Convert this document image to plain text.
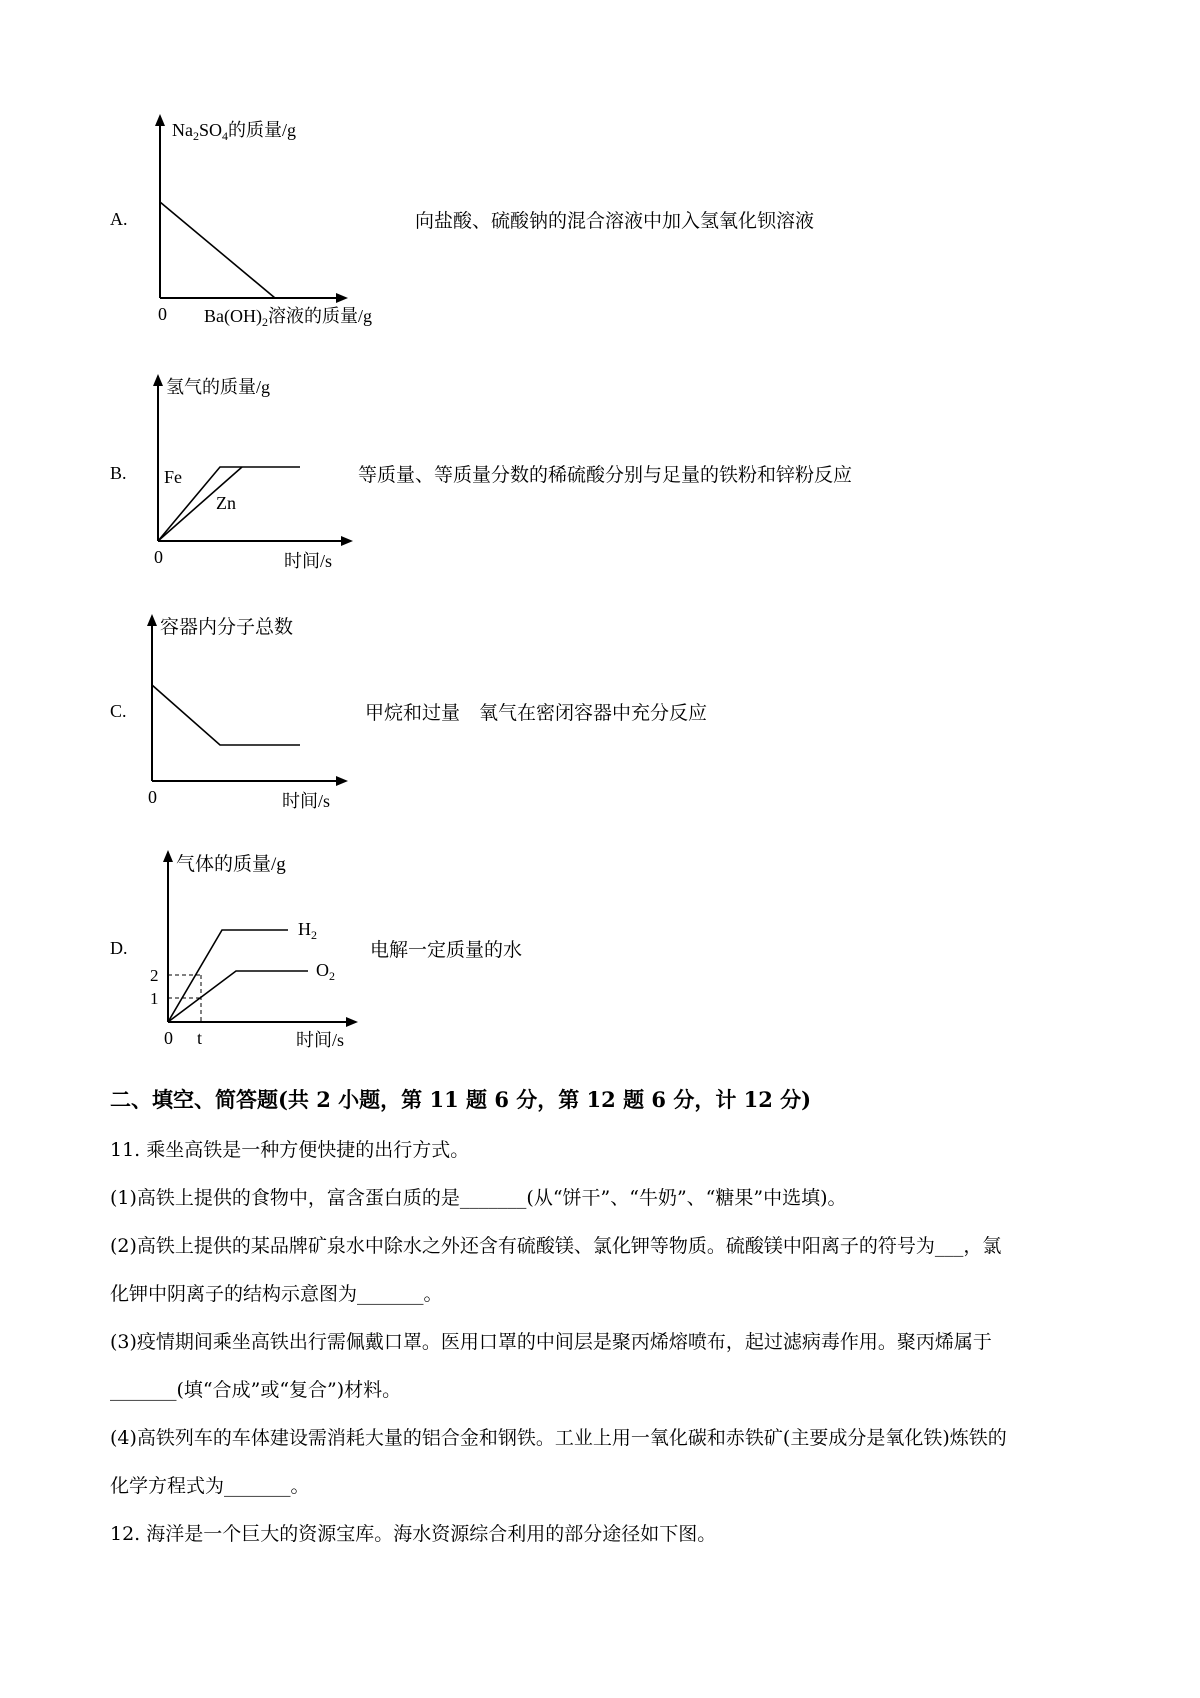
A.
$Na_2SO_4$的质量/g
0 $Ba(OH)_2$溶液的质量/g
向盐酸、硫酸钠的混合溶液中加入氢氧化钡溶液
B.
氢气的质量/g
Fe
Zn
0	时间/s
等质量、等质量分数的稀硫酸分别与足量的铁粉和锌粉反应
C.
容器内分子总数
0	时间/s
甲烷和过量　氧气在密闭容器中充分反应
D.
气体的质量/g
$H_2$
$O_2$
2
1
0 t	时间/s
电解一定质量的水
二、填空、简答题(共 2 小题，第 11 题 6 分，第 12 题 6 分，计 12 分)
11. 乘坐高铁是一种方便快捷的出行方式。
(1)高铁上提供的食物中，富含蛋白质的是_______(从“饼干”、“牛奶”、“糖果”中选填)。
(2)高铁上提供的某品牌矿泉水中除水之外还含有硫酸镁、氯化钾等物质。硫酸镁中阳离子的符号为___，氯
化钾中阴离子的结构示意图为_______。
(3)疫情期间乘坐高铁出行需佩戴口罩。医用口罩的中间层是聚丙烯熔喷布，起过滤病毒作用。聚丙烯属于
_______(填“合成”或“复合”)材料。
(4)高铁列车的车体建设需消耗大量的铝合金和钢铁。工业上用一氧化碳和赤铁矿(主要成分是氧化铁)炼铁的
化学方程式为_______。
12. 海洋是一个巨大的资源宝库。海水资源综合利用的部分途径如下图。
